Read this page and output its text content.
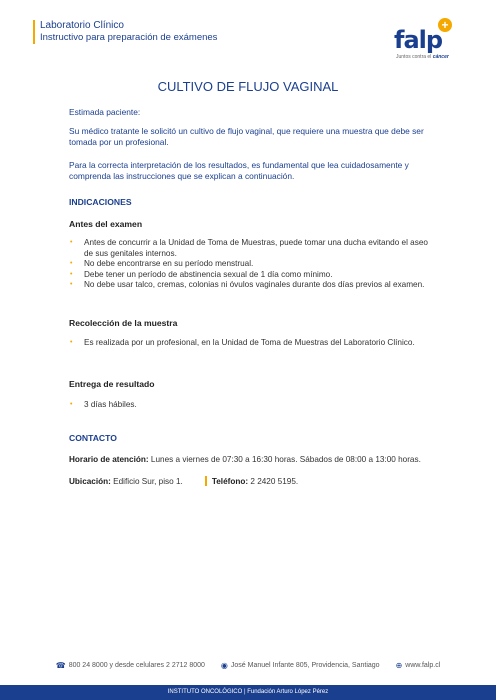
Laboratorio Clínico
Instructivo para preparación de exámenes
+
falp
Juntos contra el cáncer
CULTIVO DE FLUJO VAGINAL
Estimada paciente:
Su médico tratante le solicitó un cultivo de flujo vaginal, que requiere una muestra que debe ser tomada por un profesional.
Para la correcta interpretación de los resultados, es fundamental que lea cuidadosamente y comprenda las instrucciones que se explican a continuación.
INDICACIONES
Antes del examen
• Antes de concurrir a la Unidad de Toma de Muestras, puede tomar una ducha evitando el aseo de sus genitales internos.
• No debe encontrarse en su período menstrual.
• Debe tener un período de abstinencia sexual de 1 día como mínimo.
• No debe usar talco, cremas, colonias ni óvulos vaginales durante dos días previos al examen.
Recolección de la muestra
• Es realizada por un profesional, en la Unidad de Toma de Muestras del Laboratorio Clínico.
Entrega de resultado
• 3 días hábiles.
CONTACTO
Horario de atención: Lunes a viernes de 07:30 a 16:30 horas. Sábados de 08:00 a 13:00 horas.
Ubicación: Edificio Sur, piso 1.	Teléfono: 2 2420 5195.
☎ 800 24 8000 y desde celulares 2 2712 8000 ◉ José Manuel Infante 805, Providencia, Santiago ⊕ www.falp.cl
INSTITUTO ONCOLÓGICO | Fundación Arturo López Pérez
